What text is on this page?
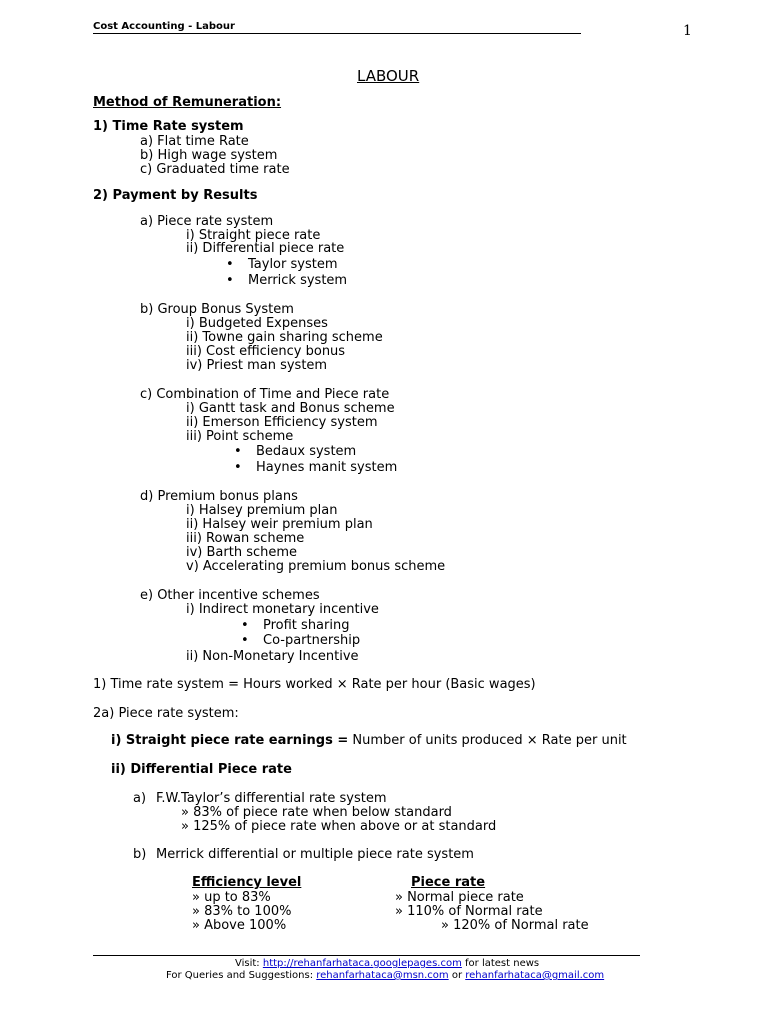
Cost Accounting - Labour	1
LABOUR
Method of Remuneration:
1) Time Rate system
a) Flat time Rate
b) High wage system
c) Graduated time rate
2) Payment by Results
a) Piece rate system
i) Straight piece rate
ii) Differential piece rate
• Taylor system
• Merrick system
b) Group Bonus System
i) Budgeted Expenses
ii) Towne gain sharing scheme
iii) Cost efficiency bonus
iv) Priest man system
c) Combination of Time and Piece rate
i) Gantt task and Bonus scheme
ii) Emerson Efficiency system
iii) Point scheme
• Bedaux system
• Haynes manit system
d) Premium bonus plans
i) Halsey premium plan
ii) Halsey weir premium plan
iii) Rowan scheme
iv) Barth scheme
v) Accelerating premium bonus scheme
e) Other incentive schemes
i) Indirect monetary incentive
• Profit sharing
• Co-partnership
ii) Non-Monetary Incentive
1) Time rate system = Hours worked × Rate per hour (Basic wages)
2a) Piece rate system:
i) Straight piece rate earnings = Number of units produced × Rate per unit
ii) Differential Piece rate
a) F.W.Taylor’s differential rate system
» 83% of piece rate when below standard
» 125% of piece rate when above or at standard
b) Merrick differential or multiple piece rate system
Efficiency level	Piece rate
» up to 83%	» Normal piece rate
» 83% to 100%	» 110% of Normal rate
» Above 100%	» 120% of Normal rate
Visit: http://rehanfarhataca.googlepages.com for latest news
For Queries and Suggestions: rehanfarhataca@msn.com or rehanfarhataca@gmail.com
